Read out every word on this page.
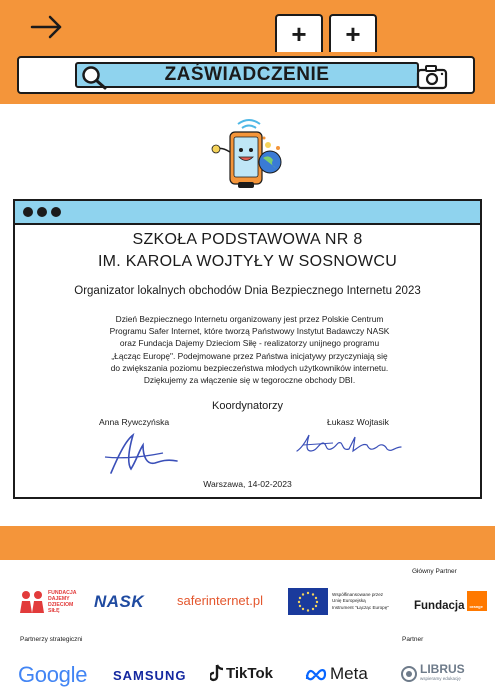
+ +
ZAŚWIADCZENIE
SZKOŁA PODSTAWOWA NR 8
IM. KAROLA WOJTYŁY W SOSNOWCU
Organizator lokalnych obchodów Dnia Bezpiecznego Internetu 2023
Dzień Bezpiecznego Internetu organizowany jest przez Polskie Centrum
Programu Safer Internet, które tworzą Państwowy Instytut Badawczy NASK
oraz Fundacja Dajemy Dzieciom Siłę - realizatorzy unijnego programu
„Łącząc Europę". Podejmowane przez Państwa inicjatywy przyczyniają się
do zwiększania poziomu bezpieczeństwa młodych użytkowników internetu.
Dziękujemy za włączenie się w tegoroczne obchody DBI.
Koordynatorzy
Anna Rywczyńska	Łukasz Wojtasik
Warszawa, 14-02-2023
Główny Partner
FUNDACJA
DAJEMY
DZIECIOM
SIŁĘ	NASK	saferinternet.pl	Współfinansowane przez
Unię Europejską
Instrument "Łącząc Europę" Fundacja orange
Partnerzy strategiczni	Partner
Google SAMSUNG	TikTok	Meta	LIBRUS
wspieramy edukację
